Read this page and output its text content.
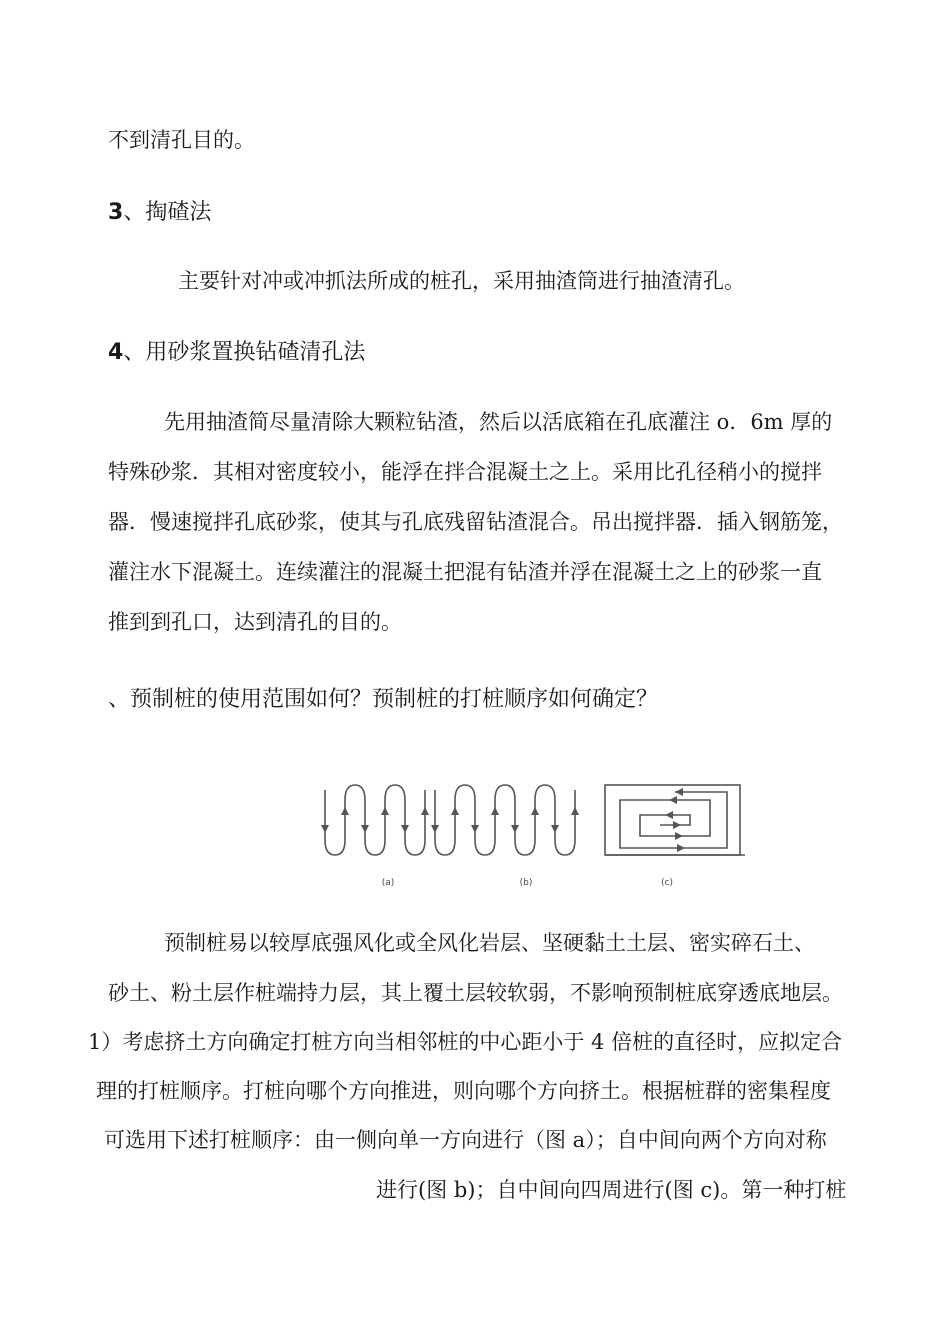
不到清孔目的。
3、掏碴法
主要针对冲或冲抓法所成的桩孔，采用抽渣筒进行抽渣清孔。
4、用砂浆置换钻碴清孔法
先用抽渣简尽量清除大颗粒钻渣，然后以活底箱在孔底灌注 o．6m 厚的
特殊砂浆．其相对密度较小，能浮在拌合混凝土之上。采用比孔径稍小的搅拌
器．慢速搅拌孔底砂浆，使其与孔底残留钻渣混合。吊出搅拌器．插入钢筋笼，
灌注水下混凝土。连续灌注的混凝土把混有钻渣并浮在混凝土之上的砂浆一直
推到到孔口，达到清孔的目的。
、预制桩的使用范围如何？预制桩的打桩顺序如何确定？
(a)	(b)	(c)
预制桩易以较厚底强风化或全风化岩层、坚硬黏土土层、密实碎石土、
砂土、粉土层作桩端持力层，其上覆土层较软弱，不影响预制桩底穿透底地层。
1）考虑挤土方向确定打桩方向当相邻桩的中心距小于 4 倍桩的直径时，应拟定合
理的打桩顺序。打桩向哪个方向推进，则向哪个方向挤土。根据桩群的密集程度
可选用下述打桩顺序：由一侧向单一方向进行（图 a）；自中间向两个方向对称
进行(图 b)；自中间向四周进行(图 c)。第一种打桩
